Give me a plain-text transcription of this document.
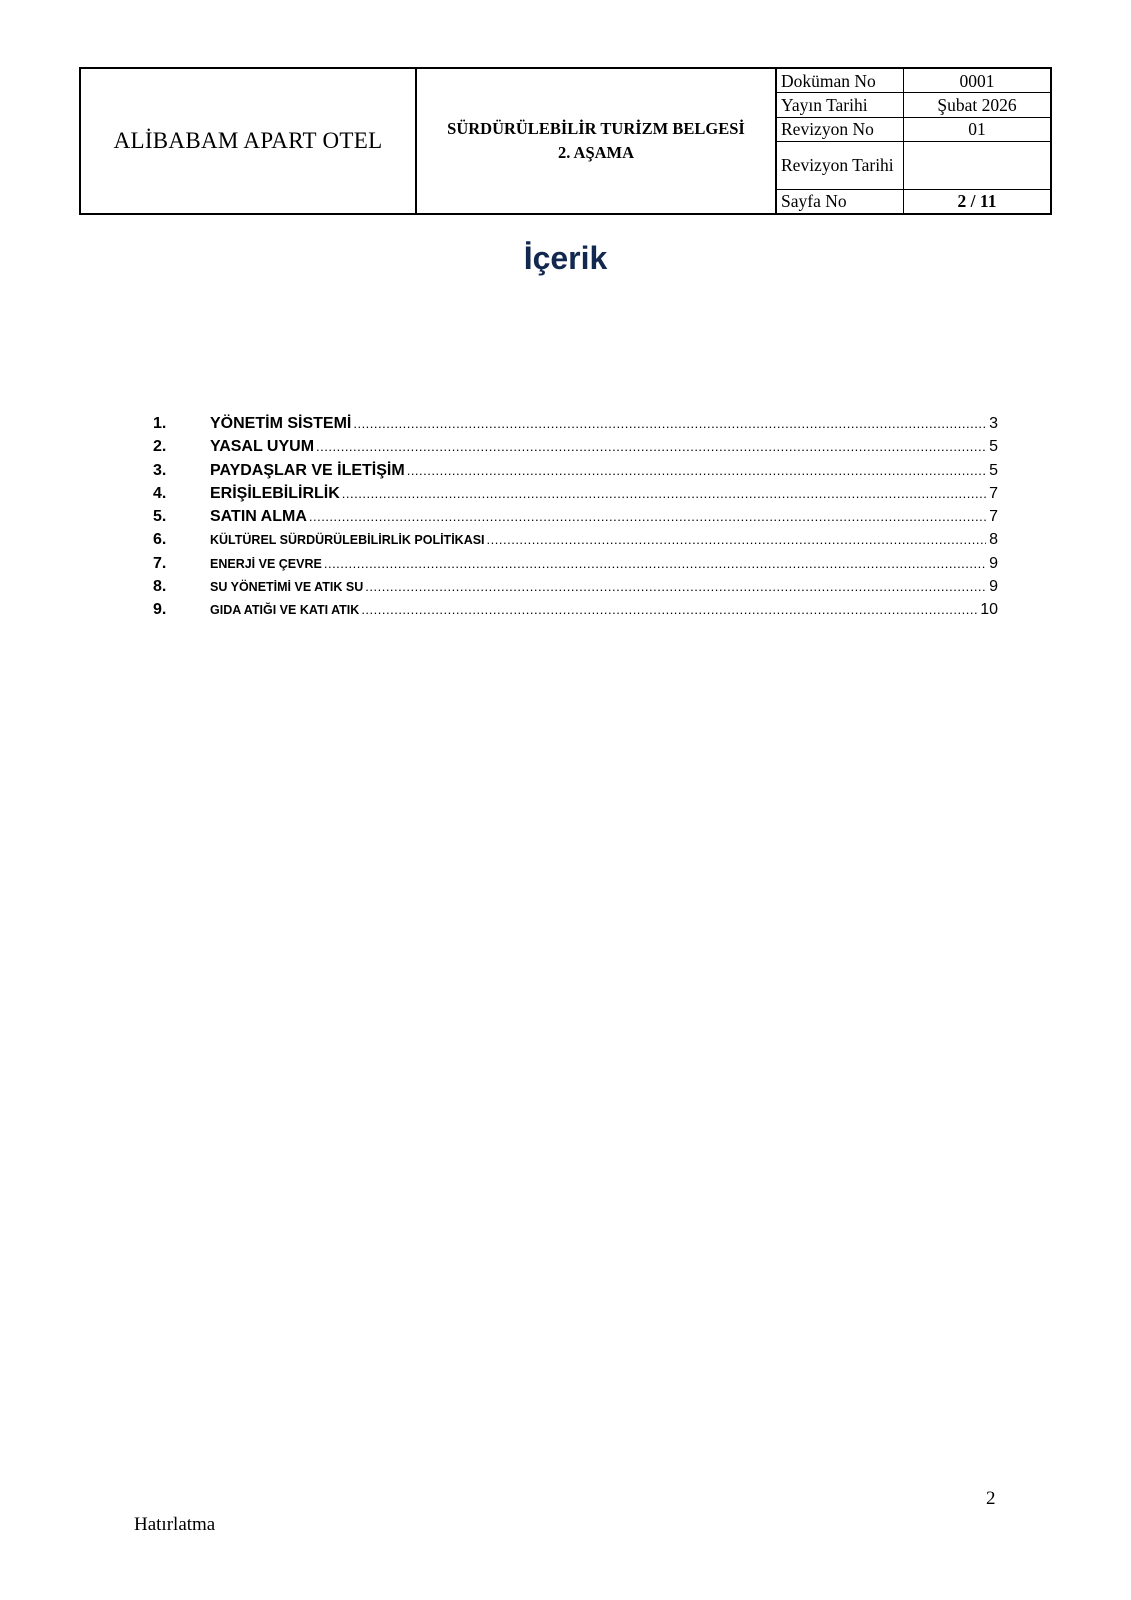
ALİBABAM APART OTEL	SÜRDÜRÜLEBİLİR TURİZM BELGESİ
2. AŞAMA

Doküman No	0001
Yayın Tarihi	Şubat 2026
Revizyon No	01
Revizyon Tarihi	
Sayfa No	2 / 11
İçerik
1.	YÖNETİM SİSTEMİ .....	3
2.	YASAL UYUM .....	5
3.	PAYDAŞLAR VE İLETİŞİM .....	5
4.	ERİŞİLEBİLİRLİK .....	7
5.	SATIN ALMA .....	7
6.	KÜLTÜREL SÜRDÜRÜLEBİLİRLİK POLİTİKASI .....	8
7.	ENERJİ VE ÇEVRE .....	9
8.	SU YÖNETİMİ VE ATIK SU .....	9
9.	GIDA ATIĞI VE KATI ATIK .....	10
2
Hatırlatma
